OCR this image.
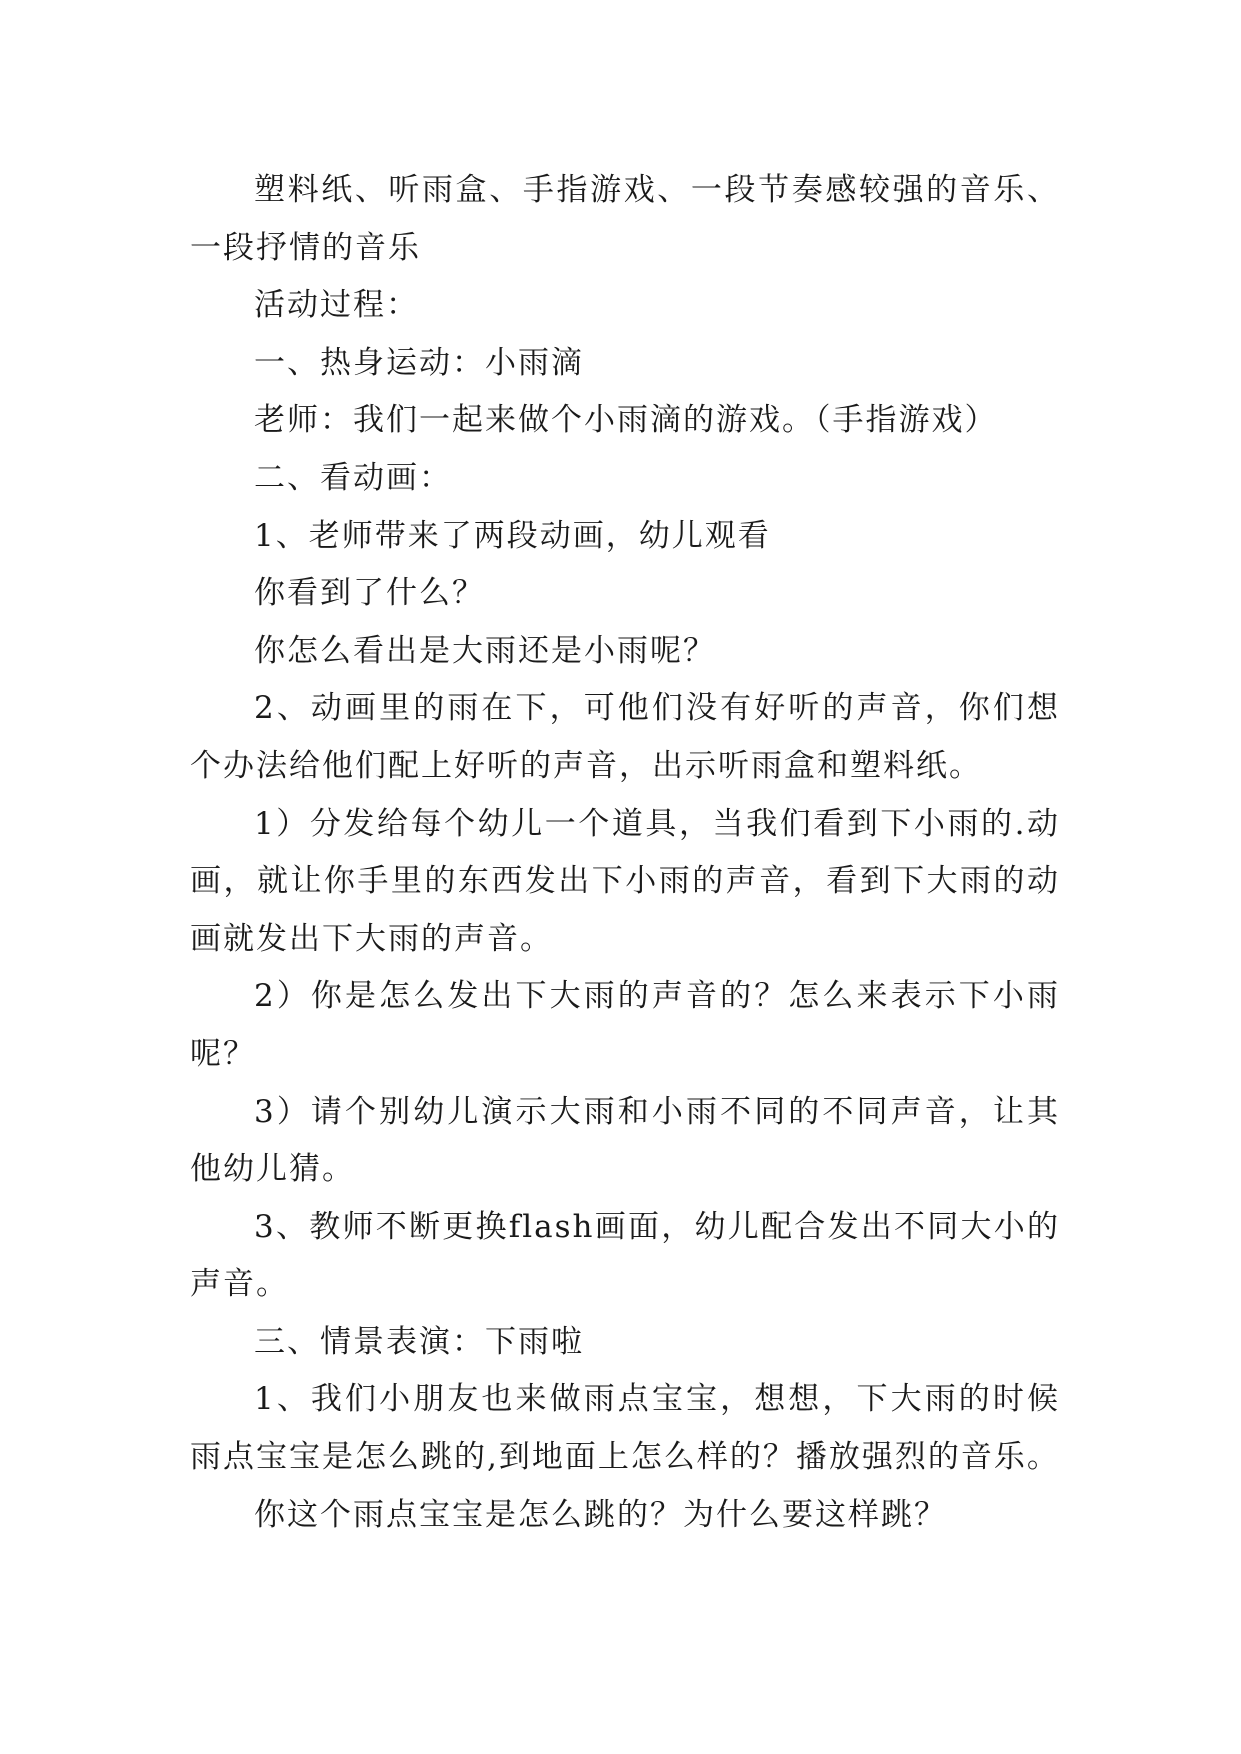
塑料纸、听雨盒、手指游戏、一段节奏感较强的音乐、一段抒情的音乐

活动过程：

一、热身运动：小雨滴

老师：我们一起来做个小雨滴的游戏。（手指游戏）

二、看动画：

1、老师带来了两段动画，幼儿观看

你看到了什么？

你怎么看出是大雨还是小雨呢？

2、动画里的雨在下，可他们没有好听的声音，你们想个办法给他们配上好听的声音，出示听雨盒和塑料纸。

1）分发给每个幼儿一个道具，当我们看到下小雨的.动画，就让你手里的东西发出下小雨的声音，看到下大雨的动画就发出下大雨的声音。

2）你是怎么发出下大雨的声音的？怎么来表示下小雨呢？

3）请个别幼儿演示大雨和小雨不同的不同声音，让其他幼儿猜。

3、教师不断更换flash画面，幼儿配合发出不同大小的声音。

三、情景表演：下雨啦

1、我们小朋友也来做雨点宝宝，想想，下大雨的时候雨点宝宝是怎么跳的,到地面上怎么样的？播放强烈的音乐。

你这个雨点宝宝是怎么跳的？为什么要这样跳？
